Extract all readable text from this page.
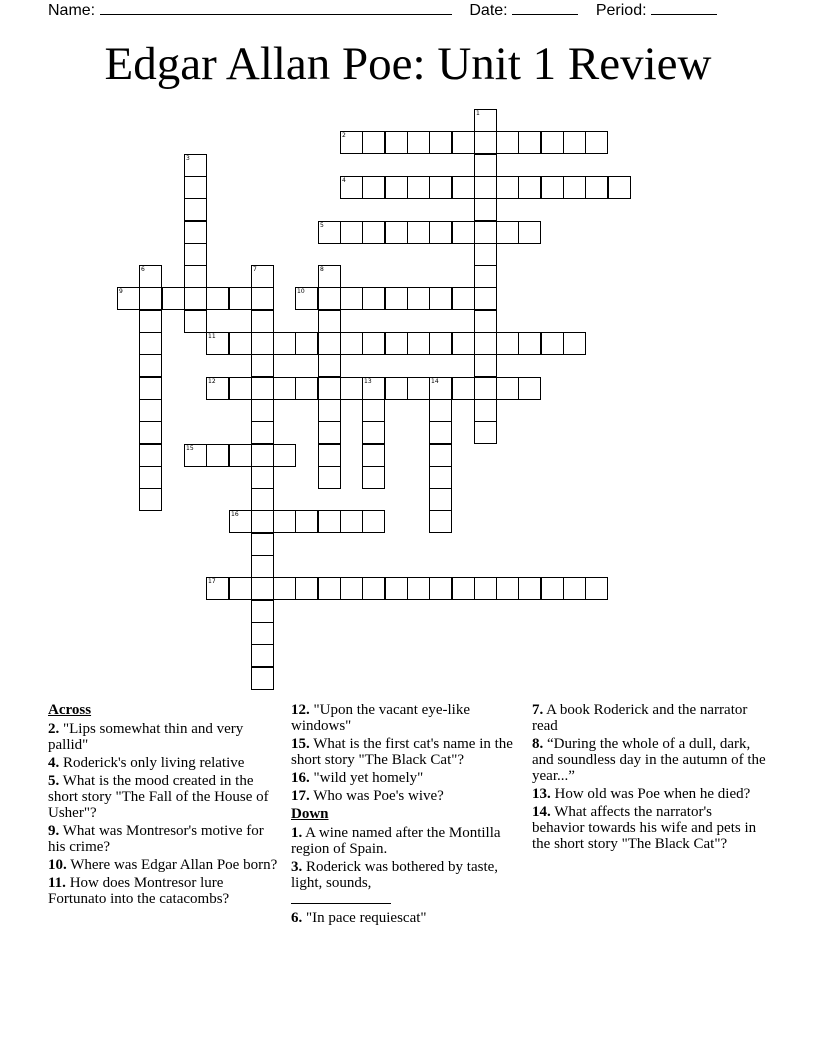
Name:	Date:	Period:
Edgar Allan Poe: Unit 1 Review
2
4
5
9	10
11
12	13	14
15
16
17
1
3
6	7	8
Across
2. "Lips somewhat thin and very pallid"
4. Roderick's only living relative
5. What is the mood created in the short story "The Fall of the House of Usher"?
9. What was Montresor's motive for his crime?
10. Where was Edgar Allan Poe born?
11. How does Montresor lure Fortunato into the catacombs?
12. "Upon the vacant eye-like windows"
15. What is the first cat's name in the short story "The Black Cat"?
16. "wild yet homely"
17. Who was Poe's wive?
Down
1. A wine named after the Montilla region of Spain.
3. Roderick was bothered by taste, light, sounds,

6. "In pace requiescat"
7. A book Roderick and the narrator read
8. “During the whole of a dull, dark, and soundless day in the autumn of the year...”
13. How old was Poe when he died?
14. What affects the narrator's behavior towards his wife and pets in the short story "The Black Cat"?
